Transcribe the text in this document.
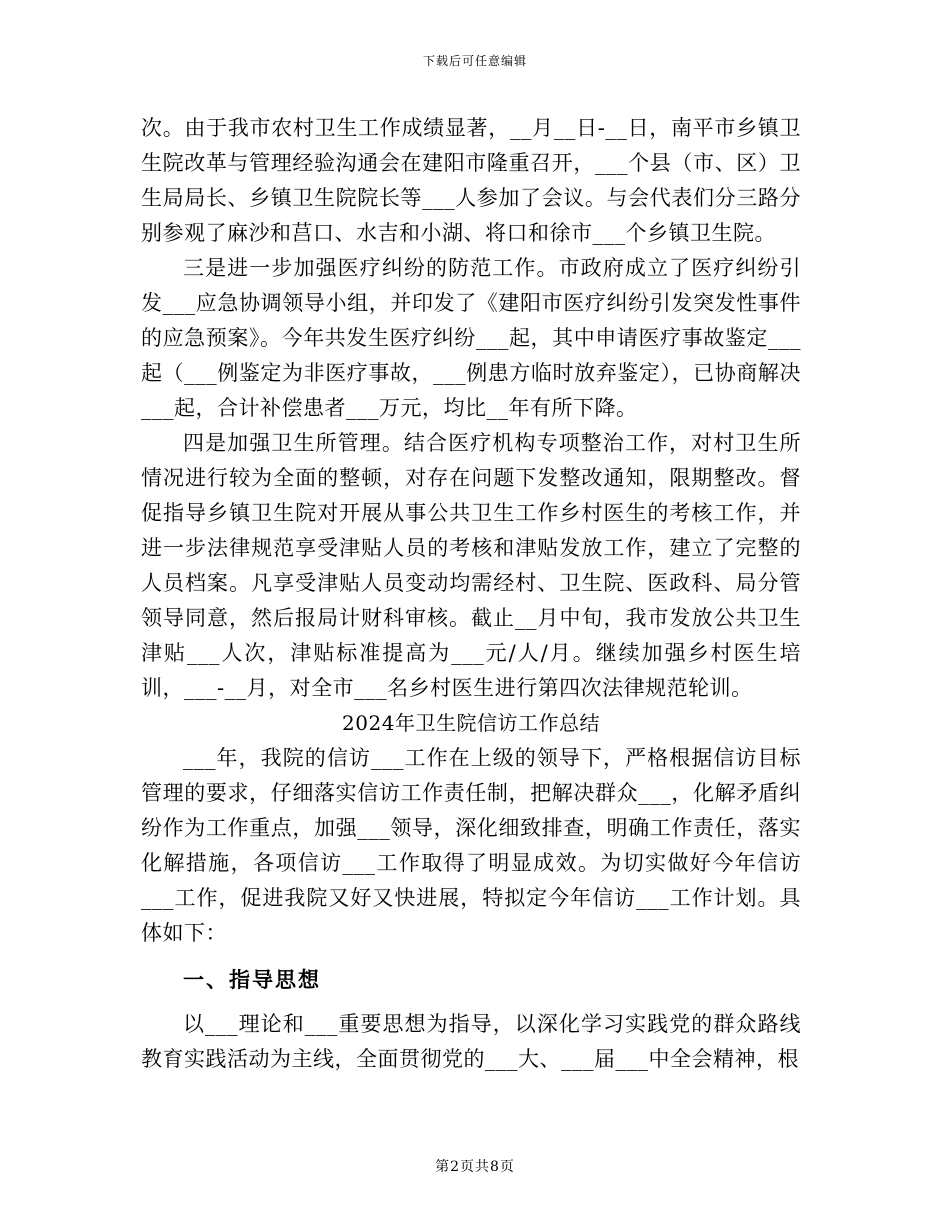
下载后可任意编辑

次。由于我市农村卫生工作成绩显著，__月__日-__日，南平市乡镇卫生院改革与管理经验沟通会在建阳市隆重召开，___个县（市、区）卫生局局长、乡镇卫生院院长等___人参加了会议。与会代表们分三路分别参观了麻沙和莒口、水吉和小湖、将口和徐市___个乡镇卫生院。

三是进一步加强医疗纠纷的防范工作。市政府成立了医疗纠纷引发___应急协调领导小组，并印发了《建阳市医疗纠纷引发突发性事件的应急预案》。今年共发生医疗纠纷___起，其中申请医疗事故鉴定___起（___例鉴定为非医疗事故，___例患方临时放弃鉴定），已协商解决___起，合计补偿患者___万元，均比__年有所下降。

四是加强卫生所管理。结合医疗机构专项整治工作，对村卫生所情况进行较为全面的整顿，对存在问题下发整改通知，限期整改。督促指导乡镇卫生院对开展从事公共卫生工作乡村医生的考核工作，并进一步法律规范享受津贴人员的考核和津贴发放工作，建立了完整的人员档案。凡享受津贴人员变动均需经村、卫生院、医政科、局分管领导同意，然后报局计财科审核。截止__月中旬，我市发放公共卫生津贴___人次，津贴标准提高为___元/人/月。继续加强乡村医生培训，___-__月，对全市___名乡村医生进行第四次法律规范轮训。

2024年卫生院信访工作总结

___年，我院的信访___工作在上级的领导下，严格根据信访目标管理的要求，仔细落实信访工作责任制，把解决群众___，化解矛盾纠纷作为工作重点，加强___领导，深化细致排查，明确工作责任，落实化解措施，各项信访___工作取得了明显成效。为切实做好今年信访___工作，促进我院又好又快进展，特拟定今年信访___工作计划。具体如下：

一、指导思想

以___理论和___重要思想为指导，以深化学习实践党的群众路线教育实践活动为主线，全面贯彻党的___大、___届___中全会精神，根

第2页共8页
